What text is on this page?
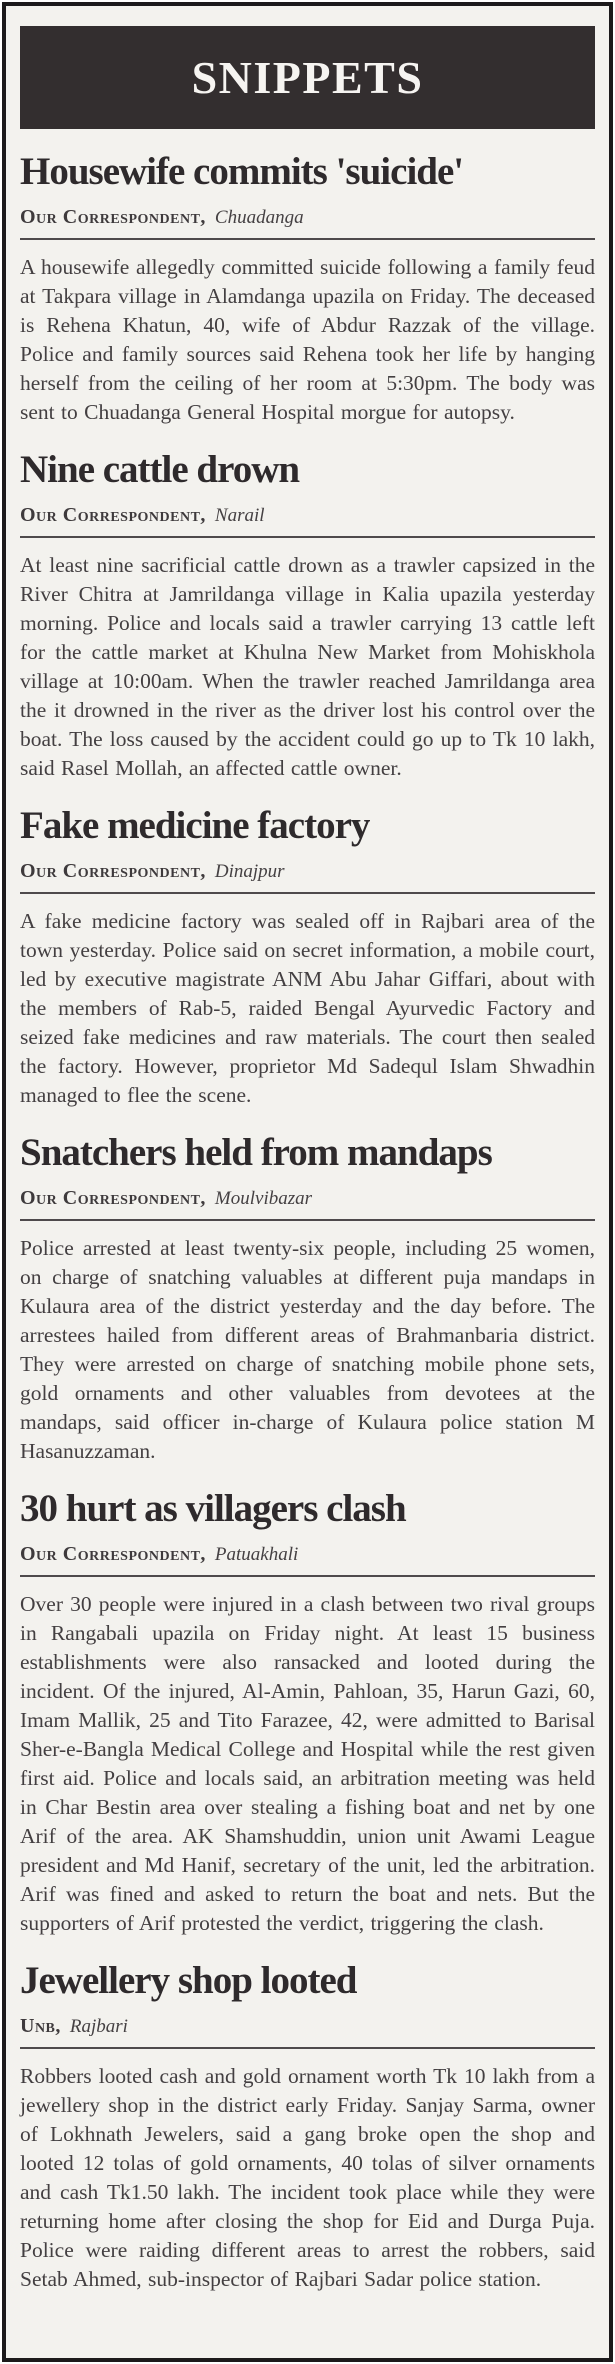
SNIPPETS
Housewife commits 'suicide'
Our Correspondent, Chuadanga

A housewife allegedly committed suicide following a family feud at Takpara village in Alamdanga upazila on Friday. The deceased is Rehena Khatun, 40, wife of Abdur Razzak of the village. Police and family sources said Rehena took her life by hanging herself from the ceiling of her room at 5:30pm. The body was sent to Chuadanga General Hospital morgue for autopsy.

Nine cattle drown
Our Correspondent, Narail

At least nine sacrificial cattle drown as a trawler capsized in the River Chitra at Jamrildanga village in Kalia upazila yesterday morning. Police and locals said a trawler carrying 13 cattle left for the cattle market at Khulna New Market from Mohiskhola village at 10:00am. When the trawler reached Jamrildanga area the it drowned in the river as the driver lost his control over the boat. The loss caused by the accident could go up to Tk 10 lakh, said Rasel Mollah, an affected cattle owner.

Fake medicine factory
Our Correspondent, Dinajpur

A fake medicine factory was sealed off in Rajbari area of the town yesterday. Police said on secret information, a mobile court, led by executive magistrate ANM Abu Jahar Giffari, about with the members of Rab-5, raided Bengal Ayurvedic Factory and seized fake medicines and raw materials. The court then sealed the factory. However, proprietor Md Sadequl Islam Shwadhin managed to flee the scene.

Snatchers held from mandaps
Our Correspondent, Moulvibazar

Police arrested at least twenty-six people, including 25 women, on charge of snatching valuables at different puja mandaps in Kulaura area of the district yesterday and the day before. The arrestees hailed from different areas of Brahmanbaria district. They were arrested on charge of snatching mobile phone sets, gold ornaments and other valuables from devotees at the mandaps, said officer in-charge of Kulaura police station M Hasanuzzaman.

30 hurt as villagers clash
Our Correspondent, Patuakhali

Over 30 people were injured in a clash between two rival groups in Rangabali upazila on Friday night. At least 15 business establishments were also ransacked and looted during the incident. Of the injured, Al-Amin, Pahloan, 35, Harun Gazi, 60, Imam Mallik, 25 and Tito Farazee, 42, were admitted to Barisal Sher-e-Bangla Medical College and Hospital while the rest given first aid. Police and locals said, an arbitration meeting was held in Char Bestin area over stealing a fishing boat and net by one Arif of the area. AK Shamshuddin, union unit Awami League president and Md Hanif, secretary of the unit, led the arbitration. Arif was fined and asked to return the boat and nets. But the supporters of Arif protested the verdict, triggering the clash.

Jewellery shop looted
Unb, Rajbari

Robbers looted cash and gold ornament worth Tk 10 lakh from a jewellery shop in the district early Friday. Sanjay Sarma, owner of Lokhnath Jewelers, said a gang broke open the shop and looted 12 tolas of gold ornaments, 40 tolas of silver ornaments and cash Tk1.50 lakh. The incident took place while they were returning home after closing the shop for Eid and Durga Puja. Police were raiding different areas to arrest the robbers, said Setab Ahmed, sub-inspector of Rajbari Sadar police station.
